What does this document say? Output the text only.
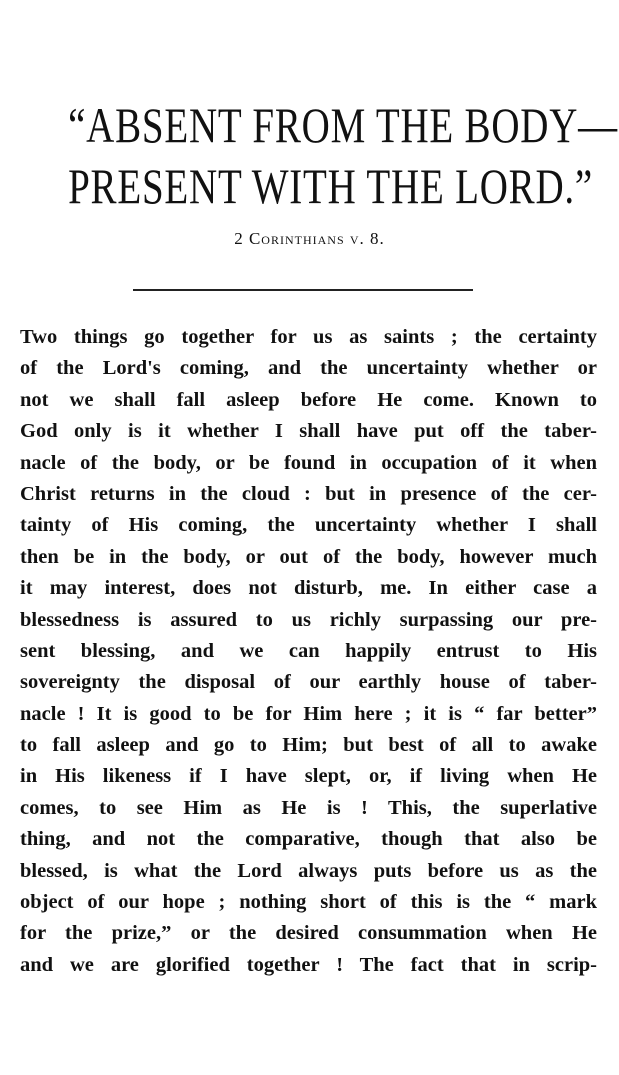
“ABSENT FROM THE BODY—
PRESENT WITH THE LORD.”
2 Corinthians v. 8.
Two things go together for us as saints ; the certainty
of the Lord's coming, and the uncertainty whether or
not we shall fall asleep before He come. Known to
God only is it whether I shall have put off the taber-
nacle of the body, or be found in occupation of it when
Christ returns in the cloud : but in presence of the cer-
tainty of His coming, the uncertainty whether I shall
then be in the body, or out of the body, however much
it may interest, does not disturb, me. In either case a
blessedness is assured to us richly surpassing our pre-
sent blessing, and we can happily entrust to His
sovereignty the disposal of our earthly house of taber-
nacle ! It is good to be for Him here ; it is “ far better”
to fall asleep and go to Him; but best of all to awake
in His likeness if I have slept, or, if living when He
comes, to see Him as He is ! This, the superlative
thing, and not the comparative, though that also be
blessed, is what the Lord always puts before us as the
object of our hope ; nothing short of this is the “ mark
for the prize,” or the desired consummation when He
and we are glorified together ! The fact that in scrip-
